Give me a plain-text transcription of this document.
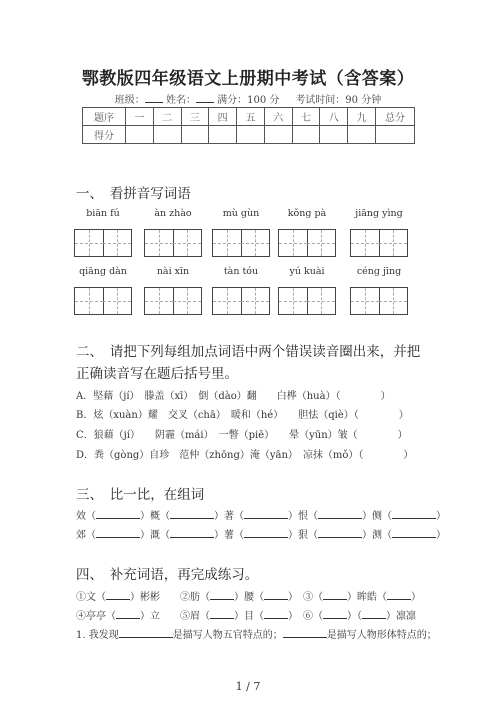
鄂教版四年级语文上册期中考试（含答案）
班级： 姓名： 满分：100 分 考试时间：90 分钟
题序	一	二	三	四	五	六	七	八	九	总分
得分										
一、　看拼音写词语
biān fú	àn zhào	mù gùn	kǒng pà	jiāng yìng
qiāng dàn	nài xīn	tàn tóu	yú kuài	céng jīng
二、　请把下列每组加点词语中两个错误读音圈出来，并把
正确读音写在题后括号里。
A．堅藉（jí）　滕盖（xī）　倒（dào）翻　　白桦（huà）（　　　　）
B．炫（xuàn）耀　交叉（chā）　暖和（hé）　　胆怯（qiè）（　　　　）
C．狼藉（jí）　　阴霾（mái）　一瞥（piē）　　晕（yūn）皱（　　　　）
D．粪（gòng）自珍　范仲（zhōng）淹（yān）　凉抹（mǒ）（　　　　）
三、　比一比，在组词
效（	）概（	）著（	）恨（	）侧（	）
郊（	）溉（	）薯（	）狠（	）测（	）
四、　补充词语，再完成练习。
①文（ ）彬彬　　②肪（ ）腰（ ）　③（ ）眸皓（ ）
④亭亭（ ）立　　⑤眉（ ）目（ ）　⑥（ ）（ ）凛凛
1. 我发现	是描写人物五官特点的；	是描写人物形体特点的；
1 / 7
